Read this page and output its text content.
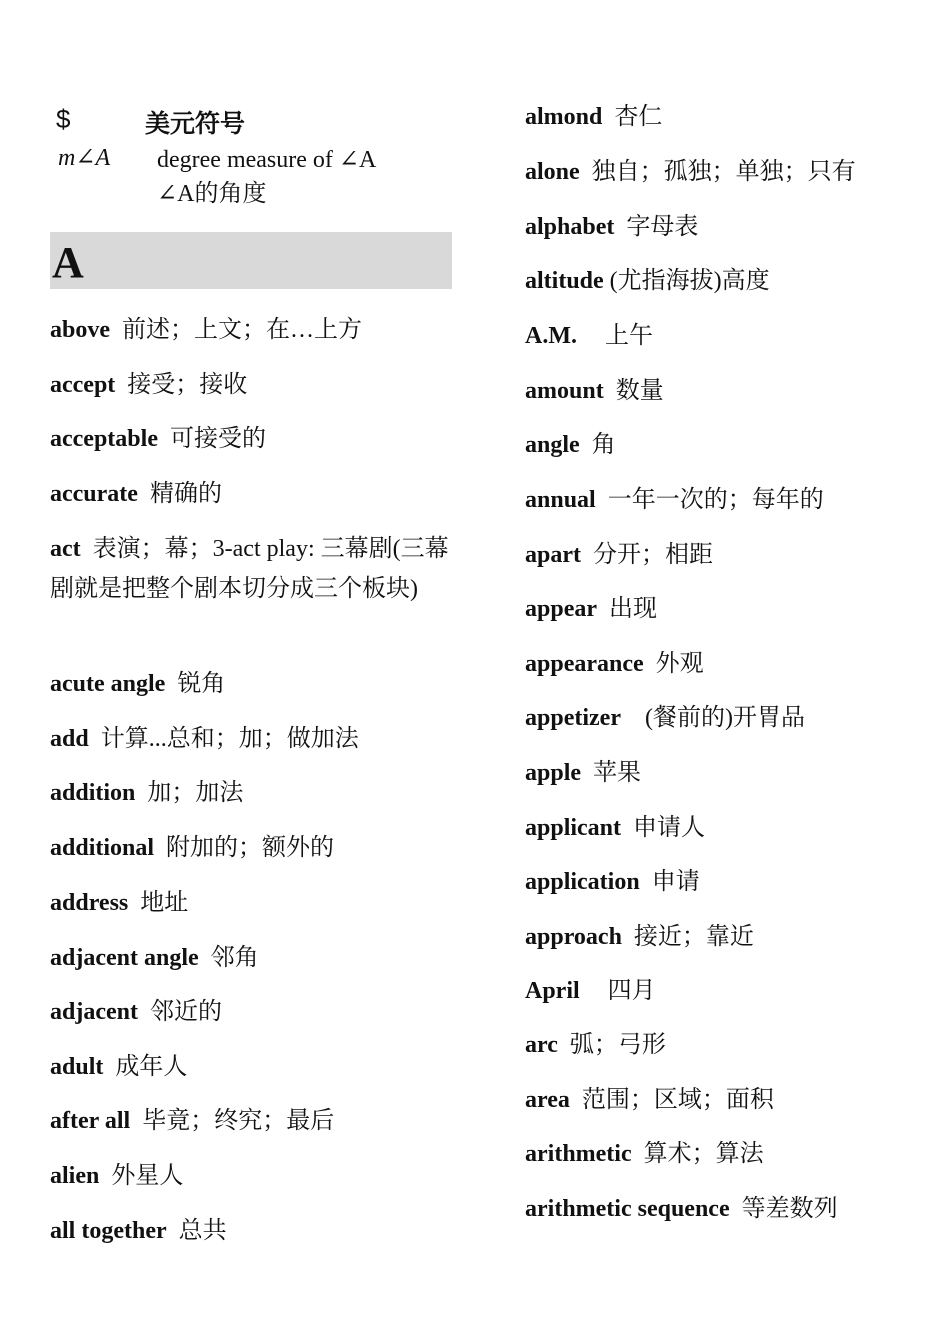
$	美元符号
m∠A degree measure of ∠A
∠A的角度
A
above 前述；上文；在…上方
accept 接受；接收
acceptable 可接受的
accurate 精确的
act 表演；幕；3-act play: 三幕剧(三幕剧就是把整个剧本切分成三个板块)
acute angle 锐角
add 计算...总和；加；做加法
addition 加；加法
additional 附加的；额外的
address 地址
adjacent angle 邻角
adjacent 邻近的
adult 成年人
after all 毕竟；终究；最后
alien 外星人
all together 总共
almond 杏仁
alone 独自；孤独；单独；只有
alphabet 字母表
altitude (尤指海拔)高度
A.M. 上午
amount 数量
angle 角
annual 一年一次的；每年的
apart 分开；相距
appear 出现
appearance 外观
appetizer (餐前的)开胃品
apple 苹果
applicant 申请人
application 申请
approach 接近；靠近
April 四月
arc 弧；弓形
area 范围；区域；面积
arithmetic 算术；算法
arithmetic sequence 等差数列
